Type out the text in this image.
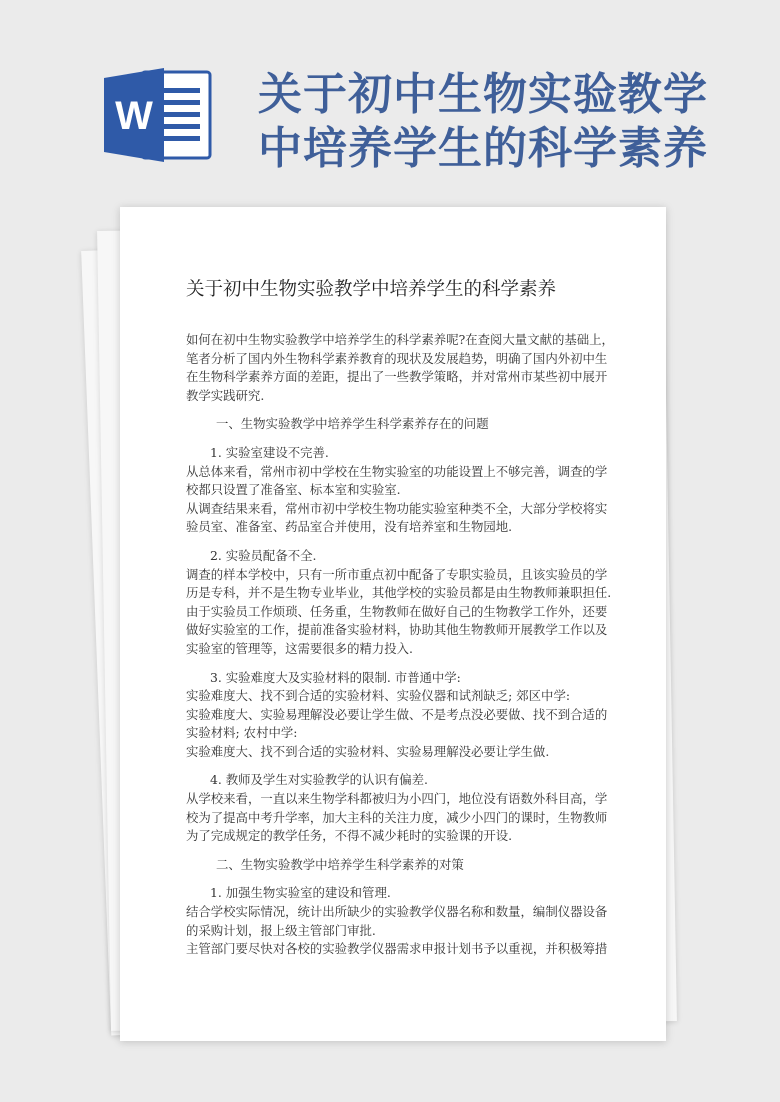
W 关于初中生物实验教学
中培养学生的科学素养
关于初中生物实验教学中培养学生的科学素养

如何在初中生物实验教学中培养学生的科学素养呢?在查阅大量文献的基础上，笔者分析了国内外生物科学素养教育的现状及发展趋势，明确了国内外初中生在生物科学素养方面的差距，提出了一些教学策略，并对常州市某些初中展开教学实践研究.

一、生物实验教学中培养学生科学素养存在的问题

1. 实验室建设不完善.

从总体来看，常州市初中学校在生物实验室的功能设置上不够完善，调查的学校都只设置了准备室、标本室和实验室.

从调查结果来看，常州市初中学校生物功能实验室种类不全，大部分学校将实验员室、准备室、药品室合并使用，没有培养室和生物园地.

2. 实验员配备不全.

调查的样本学校中，只有一所市重点初中配备了专职实验员，且该实验员的学历是专科，并不是生物专业毕业，其他学校的实验员都是由生物教师兼职担任.由于实验员工作烦琐、任务重，生物教师在做好自己的生物教学工作外，还要做好实验室的工作，提前准备实验材料，协助其他生物教师开展教学工作以及实验室的管理等，这需要很多的精力投入.

3. 实验难度大及实验材料的限制. 市普通中学:

实验难度大、找不到合适的实验材料、实验仪器和试剂缺乏; 郊区中学:

实验难度大、实验易理解没必要让学生做、不是考点没必要做、找不到合适的实验材料; 农村中学:

实验难度大、找不到合适的实验材料、实验易理解没必要让学生做.

4. 教师及学生对实验教学的认识有偏差.

从学校来看，一直以来生物学科都被归为小四门，地位没有语数外科目高，学校为了提高中考升学率，加大主科的关注力度，减少小四门的课时，生物教师为了完成规定的教学任务，不得不减少耗时的实验课的开设.

二、生物实验教学中培养学生科学素养的对策

1. 加强生物实验室的建设和管理.

结合学校实际情况，统计出所缺少的实验教学仪器名称和数量，编制仪器设备的采购计划，报上级主管部门审批.

主管部门要尽快对各校的实验教学仪器需求申报计划书予以重视，并积极筹措
